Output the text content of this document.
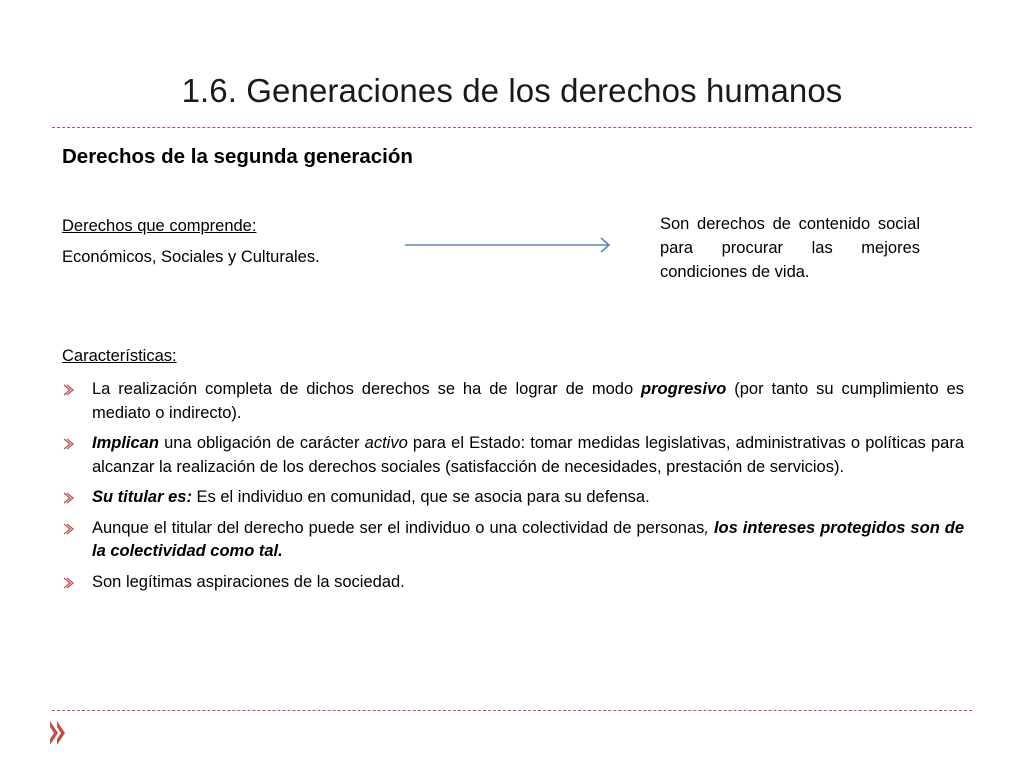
1.6. Generaciones de los derechos humanos
Derechos de la segunda generación
Derechos que comprende:
Económicos, Sociales y Culturales.
Son derechos de contenido social para procurar las mejores condiciones de vida.
Características:
La realización completa de dichos derechos se ha de lograr de modo progresivo (por tanto su cumplimiento es mediato o indirecto).
Implican una obligación de carácter activo para el Estado: tomar medidas legislativas, administrativas o políticas para alcanzar la realización de los derechos sociales (satisfacción de necesidades, prestación de servicios).
Su titular es: Es el individuo en comunidad, que se asocia para su defensa.
Aunque el titular del derecho puede ser el individuo o una colectividad de personas, los intereses protegidos son de la colectividad como tal.
Son legítimas aspiraciones de la sociedad.
